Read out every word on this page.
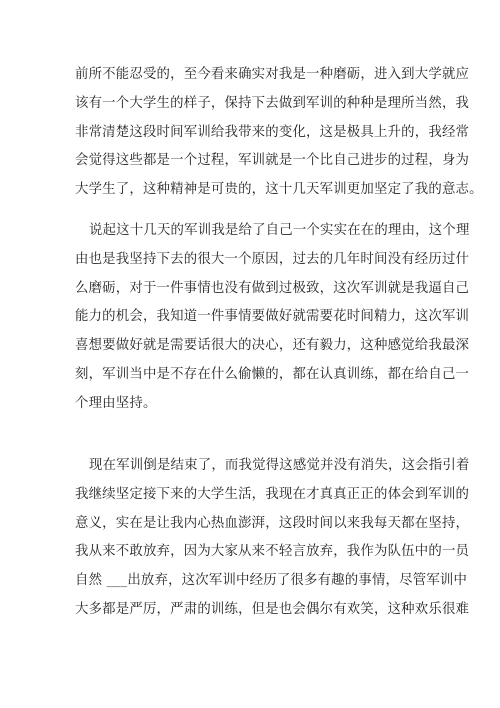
前所不能忍受的，至今看来确实对我是一种磨砺，进入到大学就应
该有一个大学生的样子，保持下去做到军训的种种是理所当然，我
非常清楚这段时间军训给我带来的变化，这是极具上升的，我经常
会觉得这些都是一个过程，军训就是一个比自己进步的过程，身为
大学生了，这种精神是可贵的，这十几天军训更加坚定了我的意志。
说起这十几天的军训我是给了自己一个实实在在的理由，这个理
由也是我坚持下去的很大一个原因，过去的几年时间没有经历过什
么磨砺，对于一件事情也没有做到过极致，这次军训就是我逼自己
能力的机会，我知道一件事情要做好就需要花时间精力，这次军训
喜想要做好就是需要话很大的决心，还有毅力，这种感觉给我最深
刻，军训当中是不存在什么偷懒的，都在认真训练，都在给自己一
个理由坚持。
现在军训倒是结束了，而我觉得这感觉并没有消失，这会指引着
我继续坚定接下来的大学生活，我现在才真真正正的体会到军训的
意义，实在是让我内心热血澎湃，这段时间以来我每天都在坚持，
我从来不敢放弃，因为大家从来不轻言放弃，我作为队伍中的一员
自然 ___出放弃，这次军训中经历了很多有趣的事情，尽管军训中
大多都是严厉，严肃的训练，但是也会偶尔有欢笑，这种欢乐很难
